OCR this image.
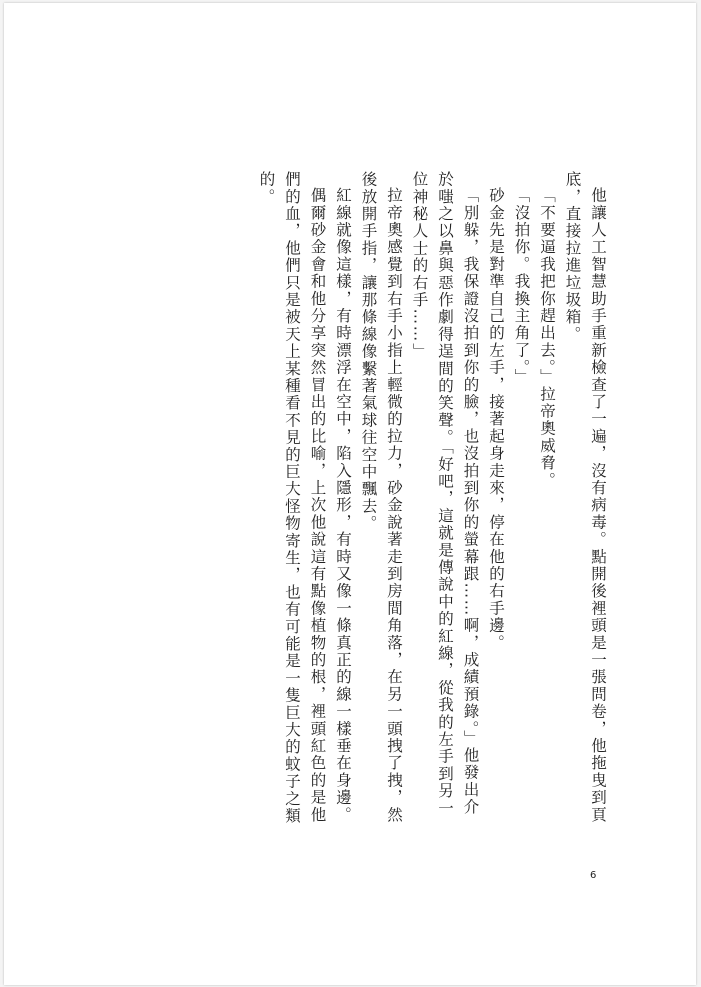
他讓人工智慧助手重新檢查了一遍，沒有病毒。點開後裡頭是一張問卷，他拖曳到頁底，直接拉進垃圾箱。

「不要逼我把你趕出去。」拉帝奧威脅。

「沒拍你。我換主角了。」

砂金先是對準自己的左手，接著起身走來，停在他的右手邊。

「別躲，我保證沒拍到你的臉，也沒拍到你的螢幕跟……啊，成績預錄。」他發出介於嗤之以鼻與惡作劇得逞間的笑聲。「好吧，這就是傳說中的紅線，從我的左手到另一位神秘人士的右手……」

拉帝奧感覺到右手小指上輕微的拉力，砂金說著走到房間角落，在另一頭拽了拽，然後放開手指，讓那條線像繫著氣球往空中飄去。

紅線就像這樣，有時漂浮在空中，陷入隱形，有時又像一條真正的線一樣垂在身邊。

偶爾砂金會和他分享突然冒出的比喻，上次他說這有點像植物的根，裡頭紅色的是他們的血，他們只是被天上某種看不見的巨大怪物寄生，也有可能是一隻巨大的蚊子之類的。

6
